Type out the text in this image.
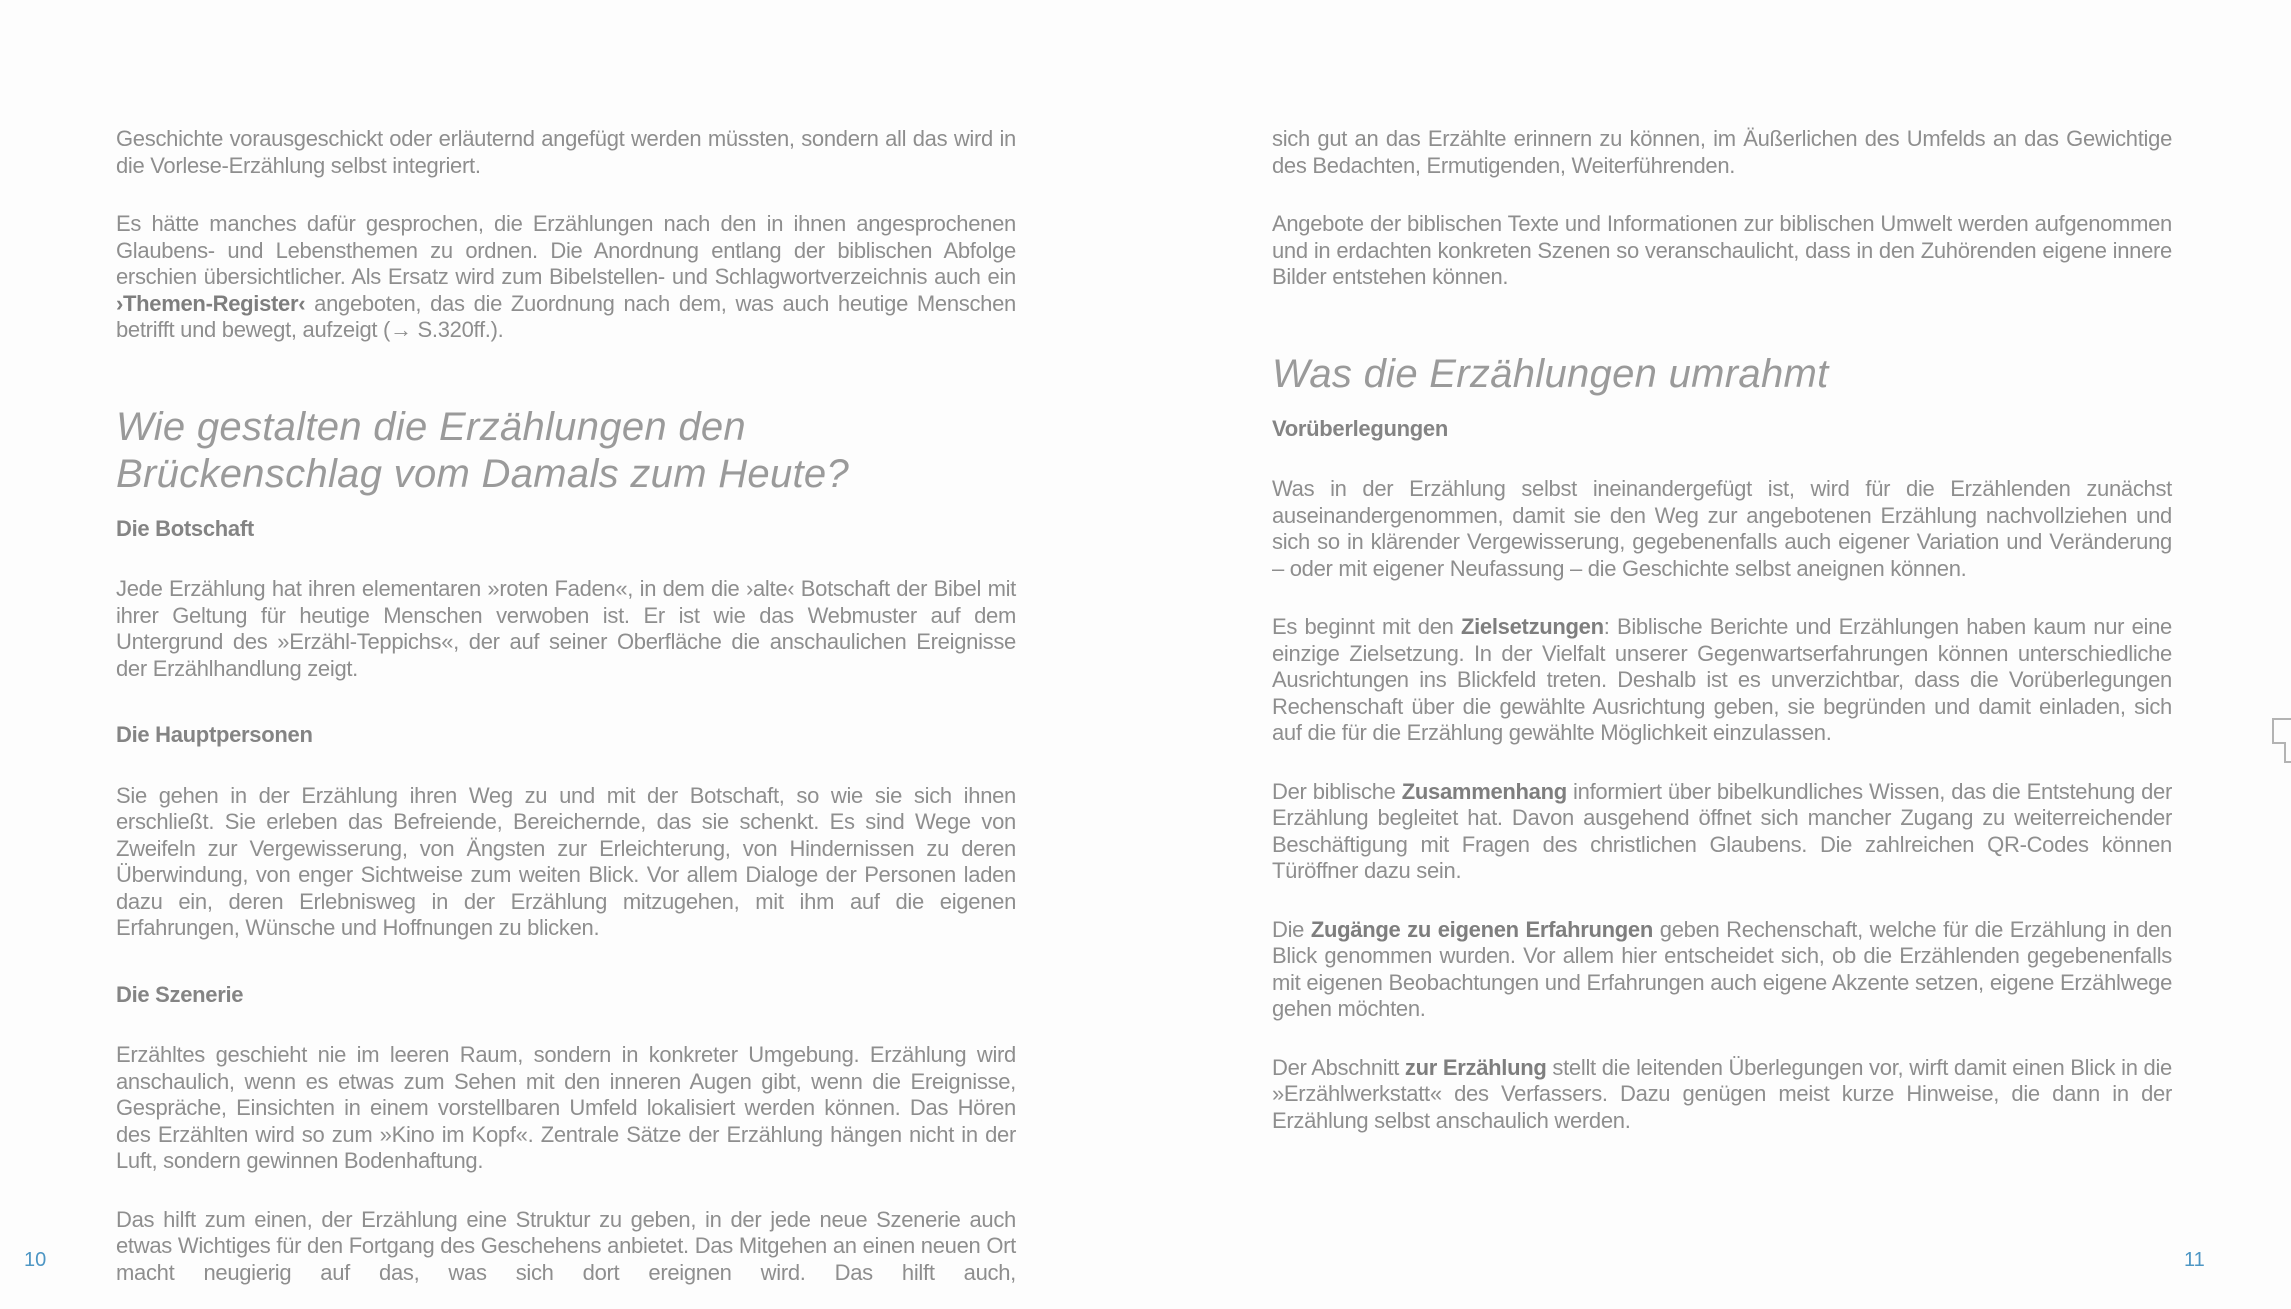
Geschichte vorausgeschickt oder erläuternd angefügt werden müssten, sondern all das wird in die Vorlese-Erzählung selbst integriert.

Es hätte manches dafür gesprochen, die Erzählungen nach den in ihnen angesprochenen Glaubens- und Lebensthemen zu ordnen. Die Anordnung entlang der biblischen Abfolge erschien übersichtlicher. Als Ersatz wird zum Bibelstellen- und Schlagwortverzeichnis auch ein ›Themen-Register‹ angeboten, das die Zuordnung nach dem, was auch heutige Menschen betrifft und bewegt, aufzeigt (→ S.320ff.).

Wie gestalten die Erzählungen den Brückenschlag vom Damals zum Heute?
Die Botschaft

Jede Erzählung hat ihren elementaren »roten Faden«, in dem die ›alte‹ Botschaft der Bibel mit ihrer Geltung für heutige Menschen verwoben ist. Er ist wie das Webmuster auf dem Untergrund des »Erzähl-Teppichs«, der auf seiner Oberfläche die anschaulichen Ereignisse der Erzählhandlung zeigt.

Die Hauptpersonen

Sie gehen in der Erzählung ihren Weg zu und mit der Botschaft, so wie sie sich ihnen erschließt. Sie erleben das Befreiende, Bereichernde, das sie schenkt. Es sind Wege von Zweifeln zur Vergewisserung, von Ängsten zur Erleichterung, von Hindernissen zu deren Überwindung, von enger Sichtweise zum weiten Blick. Vor allem Dialoge der Personen laden dazu ein, deren Erlebnisweg in der Erzählung mitzugehen, mit ihm auf die eigenen Erfahrungen, Wünsche und Hoffnungen zu blicken.

Die Szenerie

Erzähltes geschieht nie im leeren Raum, sondern in konkreter Umgebung. Erzählung wird anschaulich, wenn es etwas zum Sehen mit den inneren Augen gibt, wenn die Ereignisse, Gespräche, Einsichten in einem vorstellbaren Umfeld lokalisiert werden können. Das Hören des Erzählten wird so zum »Kino im Kopf«. Zentrale Sätze der Erzählung hängen nicht in der Luft, sondern gewinnen Bodenhaftung.

Das hilft zum einen, der Erzählung eine Struktur zu geben, in der jede neue Szenerie auch etwas Wichtiges für den Fortgang des Geschehens anbietet. Das Mitgehen an einen neuen Ort macht neugierig auf das, was sich dort ereignen wird. Das hilft auch,

10

sich gut an das Erzählte erinnern zu können, im Äußerlichen des Umfelds an das Gewichtige des Bedachten, Ermutigenden, Weiterführenden.

Angebote der biblischen Texte und Informationen zur biblischen Umwelt werden aufgenommen und in erdachten konkreten Szenen so veranschaulicht, dass in den Zuhörenden eigene innere Bilder entstehen können.

Was die Erzählungen umrahmt
Vorüberlegungen

Was in der Erzählung selbst ineinandergefügt ist, wird für die Erzählenden zunächst auseinandergenommen, damit sie den Weg zur angebotenen Erzählung nachvollziehen und sich so in klärender Vergewisserung, gegebenenfalls auch eigener Variation und Veränderung – oder mit eigener Neufassung – die Geschichte selbst aneignen können.

Es beginnt mit den Zielsetzungen: Biblische Berichte und Erzählungen haben kaum nur eine einzige Zielsetzung. In der Vielfalt unserer Gegenwartserfahrungen können unterschiedliche Ausrichtungen ins Blickfeld treten. Deshalb ist es unverzichtbar, dass die Vorüberlegungen Rechenschaft über die gewählte Ausrichtung geben, sie begründen und damit einladen, sich auf die für die Erzählung gewählte Möglichkeit einzulassen.

Der biblische Zusammenhang informiert über bibelkundliches Wissen, das die Entstehung der Erzählung begleitet hat. Davon ausgehend öffnet sich mancher Zugang zu weiterreichender Beschäftigung mit Fragen des christlichen Glaubens. Die zahlreichen QR-Codes können Türöffner dazu sein.

Die Zugänge zu eigenen Erfahrungen geben Rechenschaft, welche für die Erzählung in den Blick genommen wurden. Vor allem hier entscheidet sich, ob die Erzählenden gegebenenfalls mit eigenen Beobachtungen und Erfahrungen auch eigene Akzente setzen, eigene Erzählwege gehen möchten.

Der Abschnitt zur Erzählung stellt die leitenden Überlegungen vor, wirft damit einen Blick in die »Erzählwerkstatt« des Verfassers. Dazu genügen meist kurze Hinweise, die dann in der Erzählung selbst anschaulich werden.

11
